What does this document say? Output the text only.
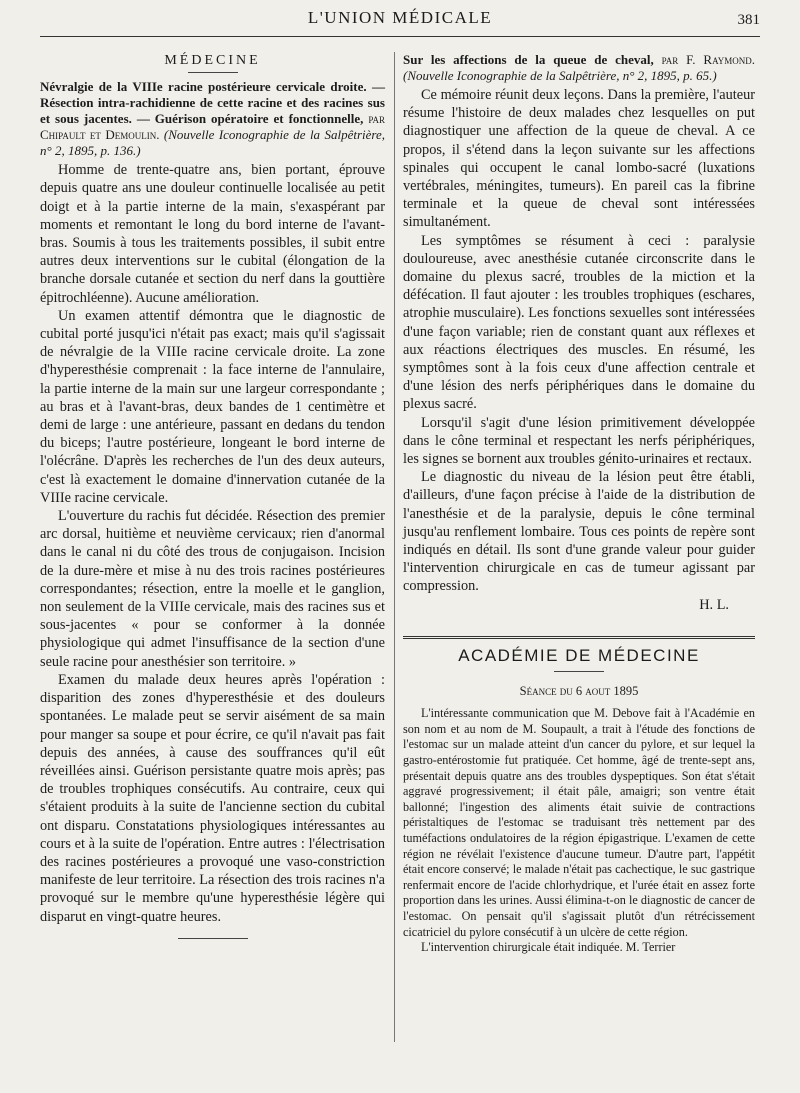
L'UNION MÉDICALE	381
MÉDECINE
Névralgie de la VIIIe racine postérieure cervicale droite. — Résection intra-rachidienne de cette racine et des racines sus et sous jacentes. — Guérison opératoire et fonctionnelle, par Chipault et Demoulin. (Nouvelle Iconographie de la Salpêtrière, n° 2, 1895, p. 136.)

Homme de trente-quatre ans, bien portant, éprouve depuis quatre ans une douleur continuelle localisée au petit doigt et à la partie interne de la main, s'exaspérant par moments et remontant le long du bord interne de l'avant-bras. Soumis à tous les traitements possibles, il subit entre autres deux interventions sur le cubital (élongation de la branche dorsale cutanée et section du nerf dans la gouttière épitrochléenne). Aucune amélioration.

Un examen attentif démontra que le diagnostic de cubital porté jusqu'ici n'était pas exact; mais qu'il s'agissait de névralgie de la VIIIe racine cervicale droite. La zone d'hyperesthésie comprenait : la face interne de l'annulaire, la partie interne de la main sur une largeur correspondante ; au bras et à l'avant-bras, deux bandes de 1 centimètre et demi de large : une antérieure, passant en dedans du tendon du biceps; l'autre postérieure, longeant le bord interne de l'olécrâne. D'après les recherches de l'un des deux auteurs, c'est là exactement le domaine d'innervation cutanée de la VIIIe racine cervicale.

L'ouverture du rachis fut décidée. Résection des premier arc dorsal, huitième et neuvième cervicaux; rien d'anormal dans le canal ni du côté des trous de conjugaison. Incision de la dure-mère et mise à nu des trois racines postérieures correspondantes; résection, entre la moelle et le ganglion, non seulement de la VIIIe cervicale, mais des racines sus et sous-jacentes « pour se conformer à la donnée physiologique qui admet l'insuffisance de la section d'une seule racine pour anesthésier son territoire. »

Examen du malade deux heures après l'opération : disparition des zones d'hyperesthésie et des douleurs spontanées. Le malade peut se servir aisément de sa main pour manger sa soupe et pour écrire, ce qu'il n'avait pas fait depuis des années, à cause des souffrances qu'il eût réveillées ainsi. Guérison persistante quatre mois après; pas de troubles trophiques consécutifs. Au contraire, ceux qui s'étaient produits à la suite de l'ancienne section du cubital ont disparu. Constatations physiologiques intéressantes au cours et à la suite de l'opération. Entre autres : l'électrisation des racines postérieures a provoqué une vaso-constriction manifeste de leur territoire. La résection des trois racines n'a provoqué sur le membre qu'une hyperesthésie légère qui disparut en vingt-quatre heures.

Sur les affections de la queue de cheval, par F. Raymond. (Nouvelle Iconographie de la Salpêtrière, n° 2, 1895, p. 65.)

Ce mémoire réunit deux leçons. Dans la première, l'auteur résume l'histoire de deux malades chez lesquelles on put diagnostiquer une affection de la queue de cheval. A ce propos, il s'étend dans la leçon suivante sur les affections spinales qui occupent le canal lombo-sacré (luxations vertébrales, méningites, tumeurs). En pareil cas la fibrine terminale et la queue de cheval sont intéressées simultanément.

Les symptômes se résument à ceci : paralysie douloureuse, avec anesthésie cutanée circonscrite dans le domaine du plexus sacré, troubles de la miction et la défécation. Il faut ajouter : les troubles trophiques (eschares, atrophie musculaire). Les fonctions sexuelles sont intéressées d'une façon variable; rien de constant quant aux réflexes et aux réactions électriques des muscles. En résumé, les symptômes sont à la fois ceux d'une affection centrale et d'une lésion des nerfs périphériques dans le domaine du plexus sacré.

Lorsqu'il s'agit d'une lésion primitivement développée dans le cône terminal et respectant les nerfs périphériques, les signes se bornent aux troubles génito-urinaires et rectaux.

Le diagnostic du niveau de la lésion peut être établi, d'ailleurs, d'une façon précise à l'aide de la distribution de l'anesthésie et de la paralysie, depuis le cône terminal jusqu'au renflement lombaire. Tous ces points de repère sont indiqués en détail. Ils sont d'une grande valeur pour guider l'intervention chirurgicale en cas de tumeur agissant par compression.

H. L.
ACADÉMIE DE MÉDECINE
Séance du 6 aout 1895

L'intéressante communication que M. Debove fait à l'Académie en son nom et au nom de M. Soupault, a trait à l'étude des fonctions de l'estomac sur un malade atteint d'un cancer du pylore, et sur lequel la gastro-entérostomie fut pratiquée. Cet homme, âgé de trente-sept ans, présentait depuis quatre ans des troubles dyspeptiques. Son état s'était aggravé progressivement; il était pâle, amaigri; son ventre était ballonné; l'ingestion des aliments était suivie de contractions péristaltiques de l'estomac se traduisant très nettement par des tuméfactions ondulatoires de la région épigastrique. L'examen de cette région ne révélait l'existence d'aucune tumeur. D'autre part, l'appétit était encore conservé; le malade n'était pas cachectique, le suc gastrique renfermait encore de l'acide chlorhydrique, et l'urée était en assez forte proportion dans les urines. Aussi élimina-t-on le diagnostic de cancer de l'estomac. On pensait qu'il s'agissait plutôt d'un rétrécissement cicatriciel du pylore consécutif à un ulcère de cette région.

L'intervention chirurgicale était indiquée. M. Terrier
